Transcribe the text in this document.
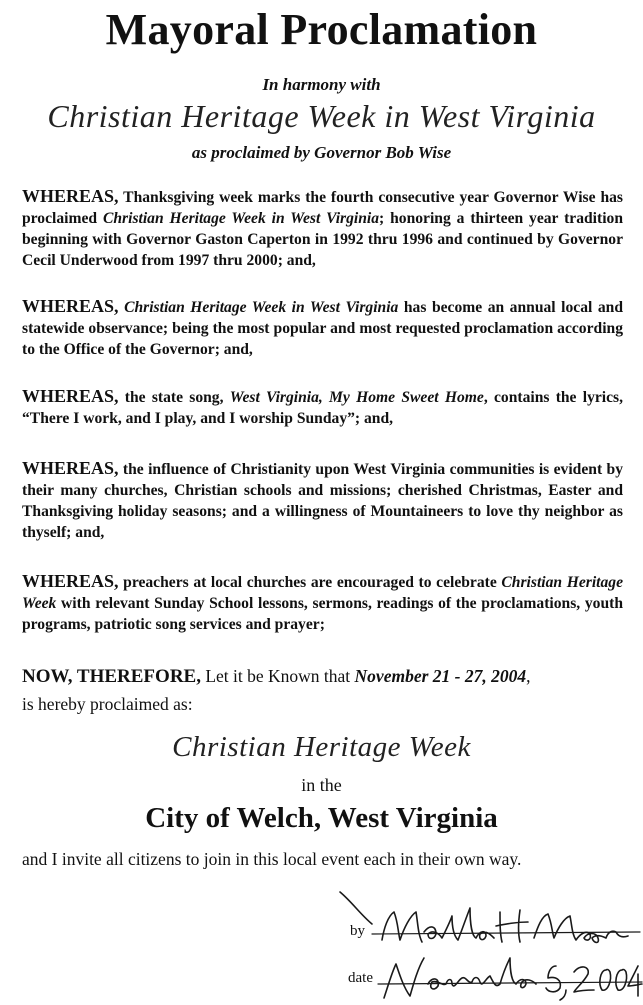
Mayoral Proclamation
In harmony with
Christian Heritage Week in West Virginia
as proclaimed by Governor Bob Wise
WHEREAS, Thanksgiving week marks the fourth consecutive year Governor Wise has proclaimed Christian Heritage Week in West Virginia; honoring a thirteen year tradition beginning with Governor Gaston Caperton in 1992 thru 1996 and continued by Governor Cecil Underwood from 1997 thru 2000; and,
WHEREAS, Christian Heritage Week in West Virginia has become an annual local and statewide observance; being the most popular and most requested proclamation according to the Office of the Governor; and,
WHEREAS, the state song, West Virginia, My Home Sweet Home, contains the lyrics, “There I work, and I play, and I worship Sunday”; and,
WHEREAS, the influence of Christianity upon West Virginia communities is evident by their many churches, Christian schools and missions; cherished Christmas, Easter and Thanksgiving holiday seasons; and a willingness of Mountaineers to love thy neighbor as thyself; and,
WHEREAS, preachers at local churches are encouraged to celebrate Christian Heritage Week with relevant Sunday School lessons, sermons, readings of the proclamations, youth programs, patriotic song services and prayer;
NOW, THEREFORE, Let it be Known that November 21 - 27, 2004,
is hereby proclaimed as:
Christian Heritage Week
in the
City of Welch, West Virginia
and I invite all citizens to join in this local event each in their own way.
by
date
